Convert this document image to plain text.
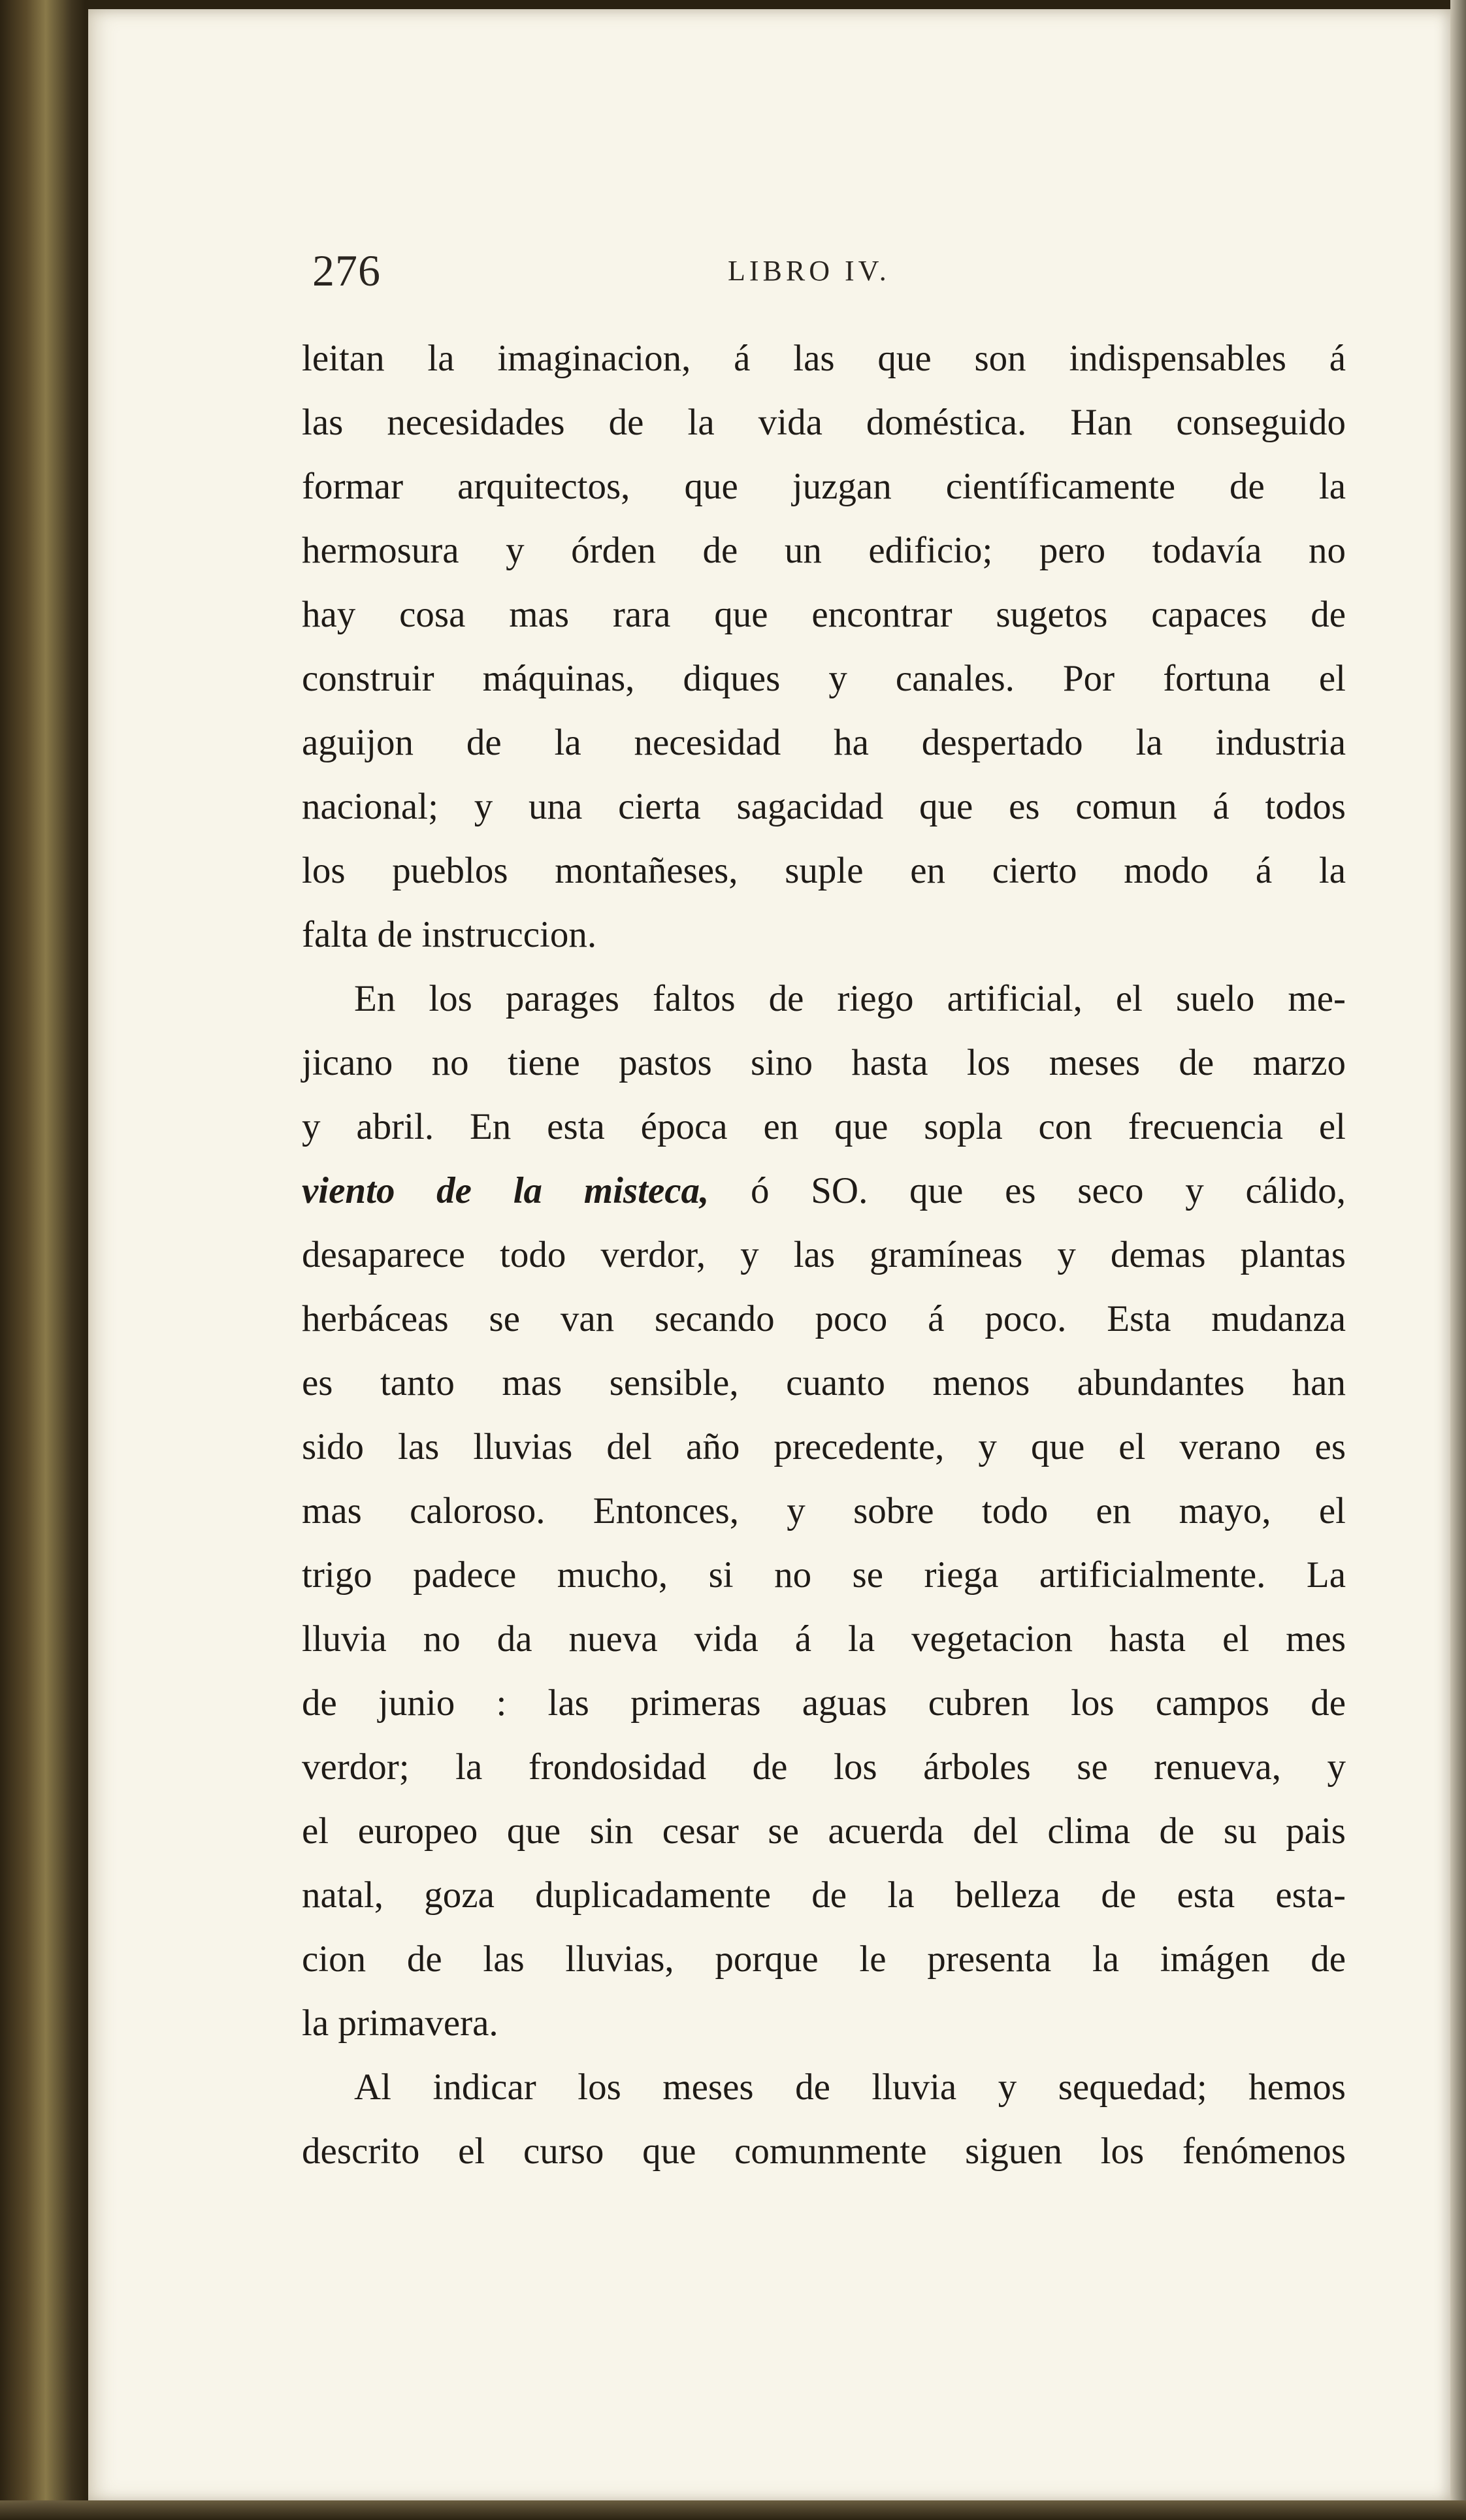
276	LIBRO IV.
leitan la imaginacion, á las que son indispensables á
las necesidades de la vida doméstica. Han conseguido
formar arquitectos, que juzgan científicamente de la
hermosura y órden de un edificio; pero todavía no
hay cosa mas rara que encontrar sugetos capaces de
construir máquinas, diques y canales. Por fortuna el
aguijon de la necesidad ha despertado la industria
nacional; y una cierta sagacidad que es comun á todos
los pueblos montañeses, suple en cierto modo á la
falta de instruccion.
En los parages faltos de riego artificial, el suelo me-
jicano no tiene pastos sino hasta los meses de marzo
y abril. En esta época en que sopla con frecuencia el
viento de la misteca, ó SO. que es seco y cálido,
desaparece todo verdor, y las gramíneas y demas plantas
herbáceas se van secando poco á poco. Esta mudanza
es tanto mas sensible, cuanto menos abundantes han
sido las lluvias del año precedente, y que el verano es
mas caloroso. Entonces, y sobre todo en mayo, el
trigo padece mucho, si no se riega artificialmente. La
lluvia no da nueva vida á la vegetacion hasta el mes
de junio : las primeras aguas cubren los campos de
verdor; la frondosidad de los árboles se renueva, y
el europeo que sin cesar se acuerda del clima de su pais
natal, goza duplicadamente de la belleza de esta esta-
cion de las lluvias, porque le presenta la imágen de
la primavera.
Al indicar los meses de lluvia y sequedad; hemos
descrito el curso que comunmente siguen los fenómenos
